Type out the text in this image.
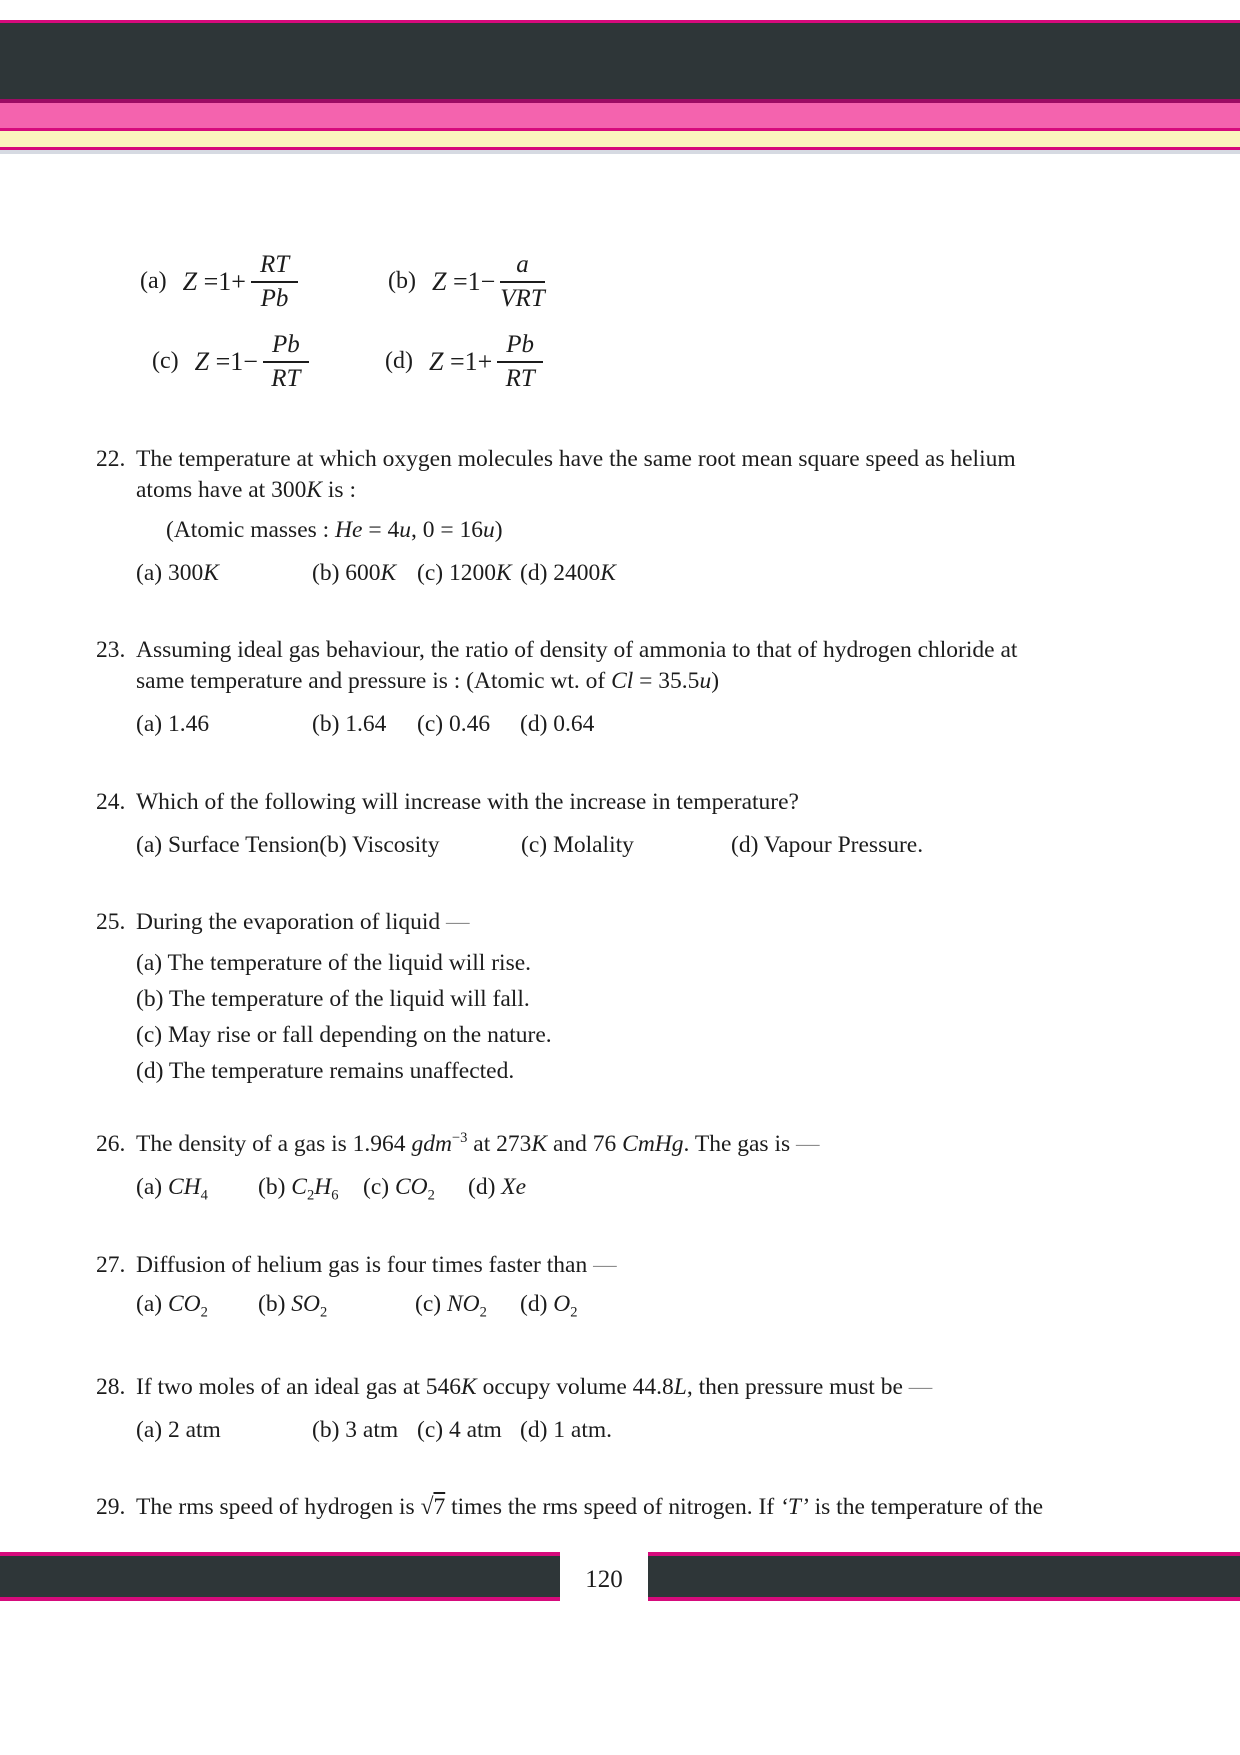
(a) $Z =1+ \frac{RT}{Pb}$	(b) $Z =1- \frac{a}{\text{VRT}}$
(c) $Z =1- \frac{Pb}{RT}$	(d) $Z =1+ \frac{Pb}{RT}$
22. The temperature at which oxygen molecules have the same root mean square speed as helium
atoms have at 300K is :
(Atomic masses : He = 4u, 0 = 16u)
(a) 300K	(b) 600K (c) 1200K (d) 2400K
23. Assuming ideal gas behaviour, the ratio of density of ammonia to that of hydrogen chloride at
same temperature and pressure is : (Atomic wt. of Cl = 35.5u)
(a) 1.46	(b) 1.64 (c) 0.46 (d) 0.64
24. Which of the following will increase with the increase in temperature?
(a) Surface Tension(b) Viscosity	(c) Molality	(d) Vapour Pressure.
25. During the evaporation of liquid —
(a) The temperature of the liquid will rise.
(b) The temperature of the liquid will fall.
(c) May rise or fall depending on the nature.
(d) The temperature remains unaffected.
26. The density of a gas is 1.964 gdm$^{-3}$ at 273K and 76 CmHg. The gas is —
(a) $CH_4$ (b) $C_2H_6$ (c) $CO_2$ (d) Xe
27. Diffusion of helium gas is four times faster than —
(a) $CO_2$ (b) $SO_2$	(c) $NO_2$ (d) $O_2$
28. If two moles of an ideal gas at 546K occupy volume 44.8L, then pressure must be —
(a) 2 atm	(b) 3 atm (c) 4 atm (d) 1 atm.
29. The rms speed of hydrogen is √7 times the rms speed of nitrogen. If ‘T’ is the temperature of the
120
